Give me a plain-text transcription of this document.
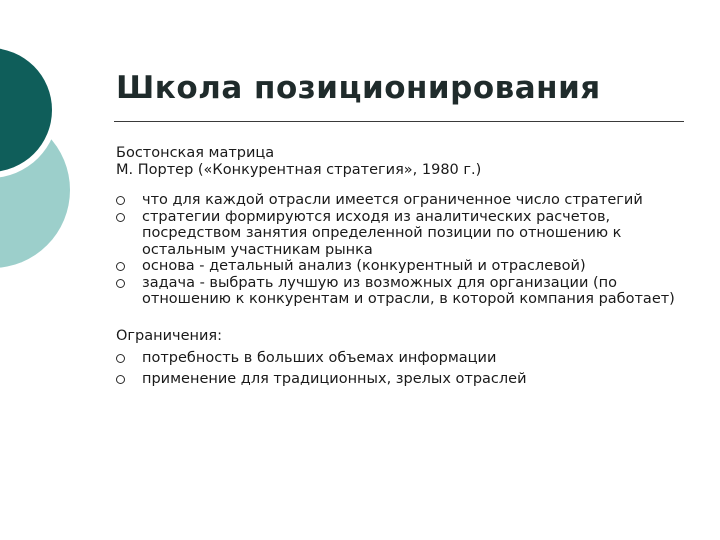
Школа позиционирования

Бостонская матрица

М. Портер («Конкурентная стратегия», 1980 г.)

что для каждой отрасли имеется ограниченное число стратегий
стратегии формируются исходя из аналитических расчетов, посредством занятия определенной позиции по отношению к остальным участникам рынка
основа - детальный анализ (конкурентный и отраслевой)
задача - выбрать лучшую из возможных для организации (по отношению к конкурентам и отрасли, в которой компания работает)

Ограничения:

потребность в больших объемах информации
применение для традиционных, зрелых отраслей
